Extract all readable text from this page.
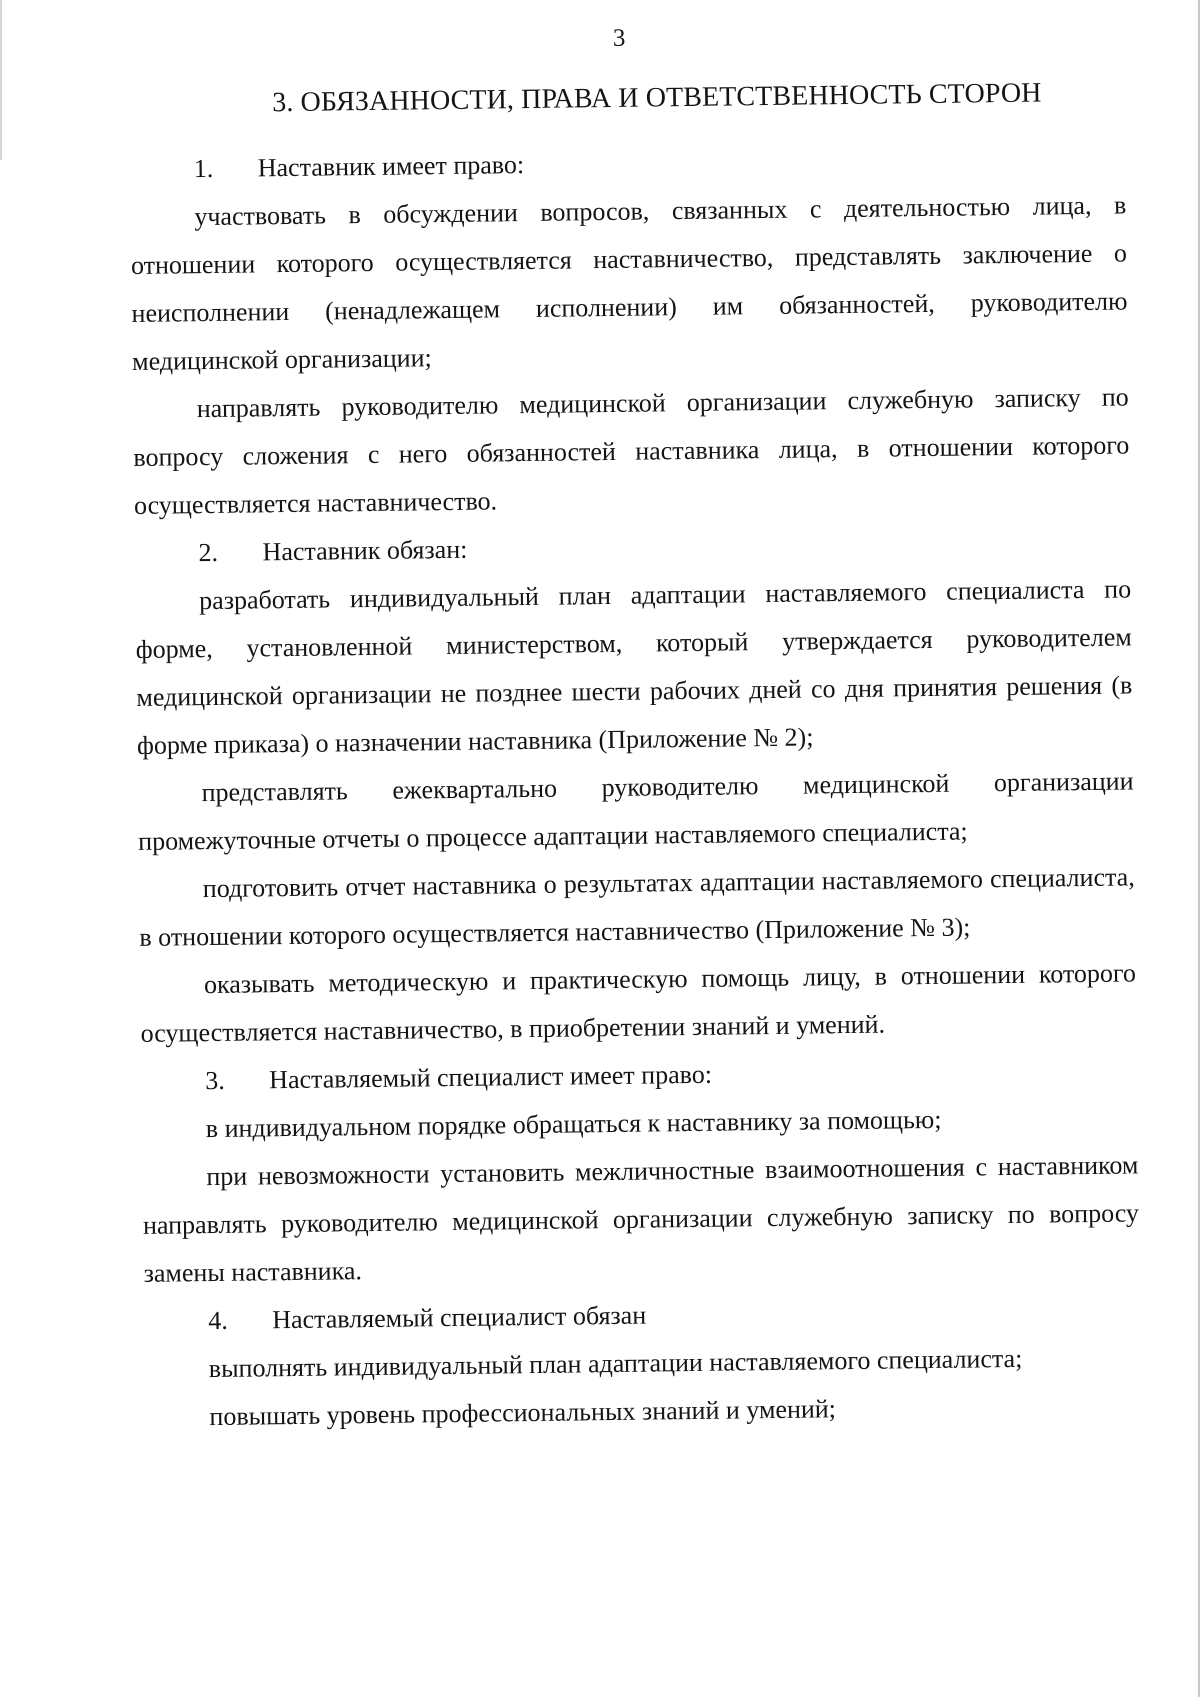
3
3. ОБЯЗАННОСТИ, ПРАВА И ОТВЕТСТВЕННОСТЬ СТОРОН
1. Наставник имеет право:

участвовать в обсуждении вопросов, связанных с деятельностью лица, в отношении которого осуществляется наставничество, представлять заключение о неисполнении (ненадлежащем исполнении) им обязанностей, руководителю медицинской организации;

направлять руководителю медицинской организации служебную записку по вопросу сложения с него обязанностей наставника лица, в отношении которого осуществляется наставничество.

2. Наставник обязан:

разработать индивидуальный план адаптации наставляемого специалиста по форме, установленной министерством, который утверждается руководителем медицинской организации не позднее шести рабочих дней со дня принятия решения (в форме приказа) о назначении наставника (Приложение № 2);

представлять ежеквартально руководителю медицинской организации промежуточные отчеты о процессе адаптации наставляемого специалиста;

подготовить отчет наставника о результатах адаптации наставляемого специалиста, в отношении которого осуществляется наставничество (Приложение № 3);

оказывать методическую и практическую помощь лицу, в отношении которого осуществляется наставничество, в приобретении знаний и умений.

3. Наставляемый специалист имеет право:

в индивидуальном порядке обращаться к наставнику за помощью;

при невозможности установить межличностные взаимоотношения с наставником направлять руководителю медицинской организации служебную записку по вопросу замены наставника.

4. Наставляемый специалист обязан

выполнять индивидуальный план адаптации наставляемого специалиста;

повышать уровень профессиональных знаний и умений;
